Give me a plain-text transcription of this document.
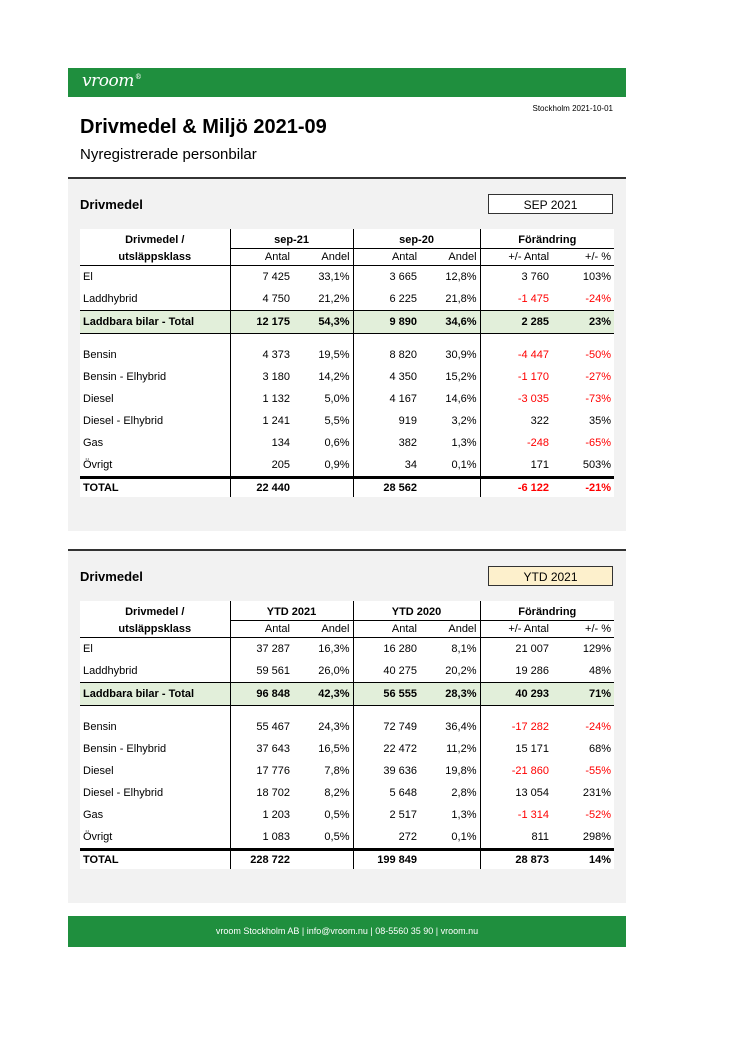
vroom®
Stockholm 2021-10-01
Drivmedel & Miljö 2021-09
Nyregistrerade personbilar
Drivmedel	SEP 2021
Drivmedel /	sep-21		sep-20		Förändring	
utsläppsklass	Antal	Andel	Antal	Andel	+/- Antal	+/- %
El	7 425	33,1%	3 665	12,8%	3 760	103%
Laddhybrid	4 750	21,2%	6 225	21,8%	-1 475	-24%
Laddbara bilar - Total	12 175	54,3%	9 890	34,6%	2 285	23%

Bensin	4 373	19,5%	8 820	30,9%	-4 447	-50%
Bensin - Elhybrid	3 180	14,2%	4 350	15,2%	-1 170	-27%
Diesel	1 132	5,0%	4 167	14,6%	-3 035	-73%
Diesel - Elhybrid	1 241	5,5%	919	3,2%	322	35%
Gas	134	0,6%	382	1,3%	-248	-65%
Övrigt	205	0,9%	34	0,1%	171	503%
TOTAL	22 440		28 562		-6 122	-21%
Drivmedel	YTD 2021
Drivmedel /	YTD 2021		YTD 2020		Förändring	
utsläppsklass	Antal	Andel	Antal	Andel	+/- Antal	+/- %
El	37 287	16,3%	16 280	8,1%	21 007	129%
Laddhybrid	59 561	26,0%	40 275	20,2%	19 286	48%
Laddbara bilar - Total	96 848	42,3%	56 555	28,3%	40 293	71%

Bensin	55 467	24,3%	72 749	36,4%	-17 282	-24%
Bensin - Elhybrid	37 643	16,5%	22 472	11,2%	15 171	68%
Diesel	17 776	7,8%	39 636	19,8%	-21 860	-55%
Diesel - Elhybrid	18 702	8,2%	5 648	2,8%	13 054	231%
Gas	1 203	0,5%	2 517	1,3%	-1 314	-52%
Övrigt	1 083	0,5%	272	0,1%	811	298%
TOTAL	228 722		199 849		28 873	14%
vroom Stockholm AB | info@vroom.nu | 08-5560 35 90 | vroom.nu
